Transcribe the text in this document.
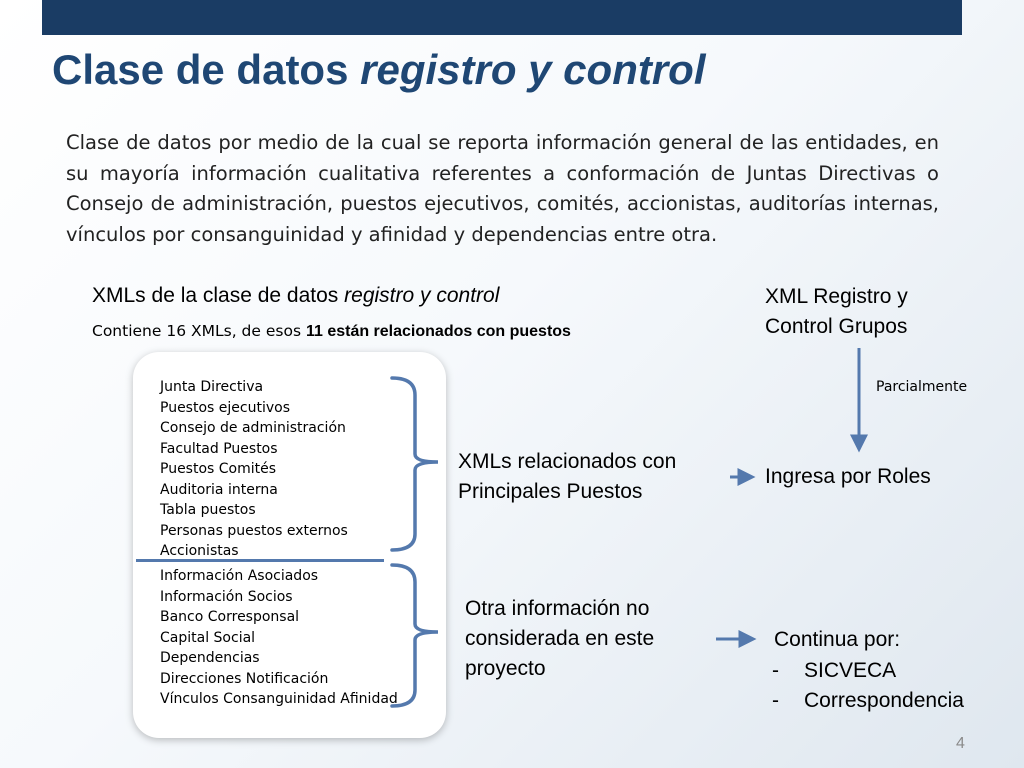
Clase de datos registro y control

Clase de datos por medio de la cual se reporta información general de las entidades, en su mayoría información cualitativa referentes a conformación de Juntas Directivas o Consejo de administración, puestos ejecutivos, comités, accionistas, auditorías internas, vínculos por consanguinidad y afinidad y dependencias entre otra.

XMLs de la clase de datos registro y control

Contiene 16 XMLs, de esos 11 están relacionados con puestos

Junta Directiva
Puestos ejecutivos
Consejo de administración
Facultad Puestos
Puestos Comités
Auditoria interna
Tabla puestos
Personas puestos externos
Accionistas
Información Asociados
Información Socios
Banco Corresponsal
Capital Social
Dependencias
Direcciones Notificación
Vínculos Consanguinidad Afinidad
XMLs relacionados con
Principales Puestos
Otra información no
considerada en este
proyecto
XML Registro y
Control Grupos

Parcialmente

Ingresa por Roles
Continua por:
- SICVECA
- Correspondencia

4
